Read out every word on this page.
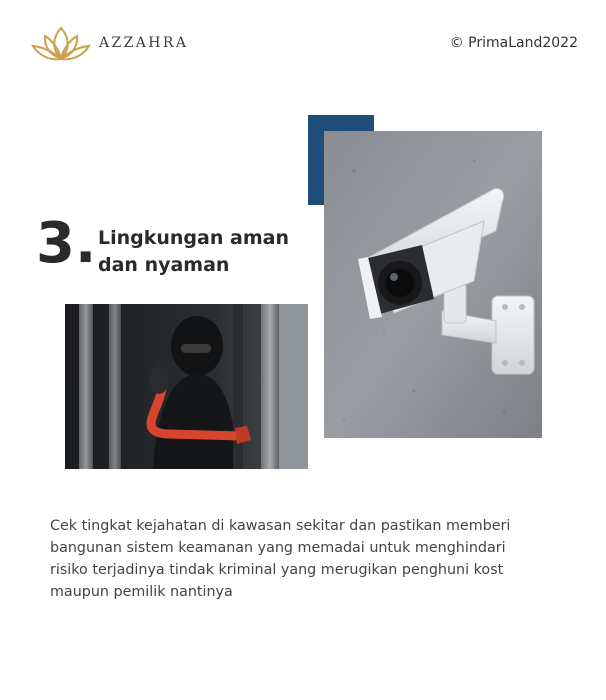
AZZAHRA	© PrimaLand2022
3. Lingkungan aman
dan nyaman
Cek tingkat kejahatan di kawasan sekitar dan pastikan memberi
bangunan sistem keamanan yang memadai untuk menghindari
risiko terjadinya tindak kriminal yang merugikan penghuni kost
maupun pemilik nantinya
